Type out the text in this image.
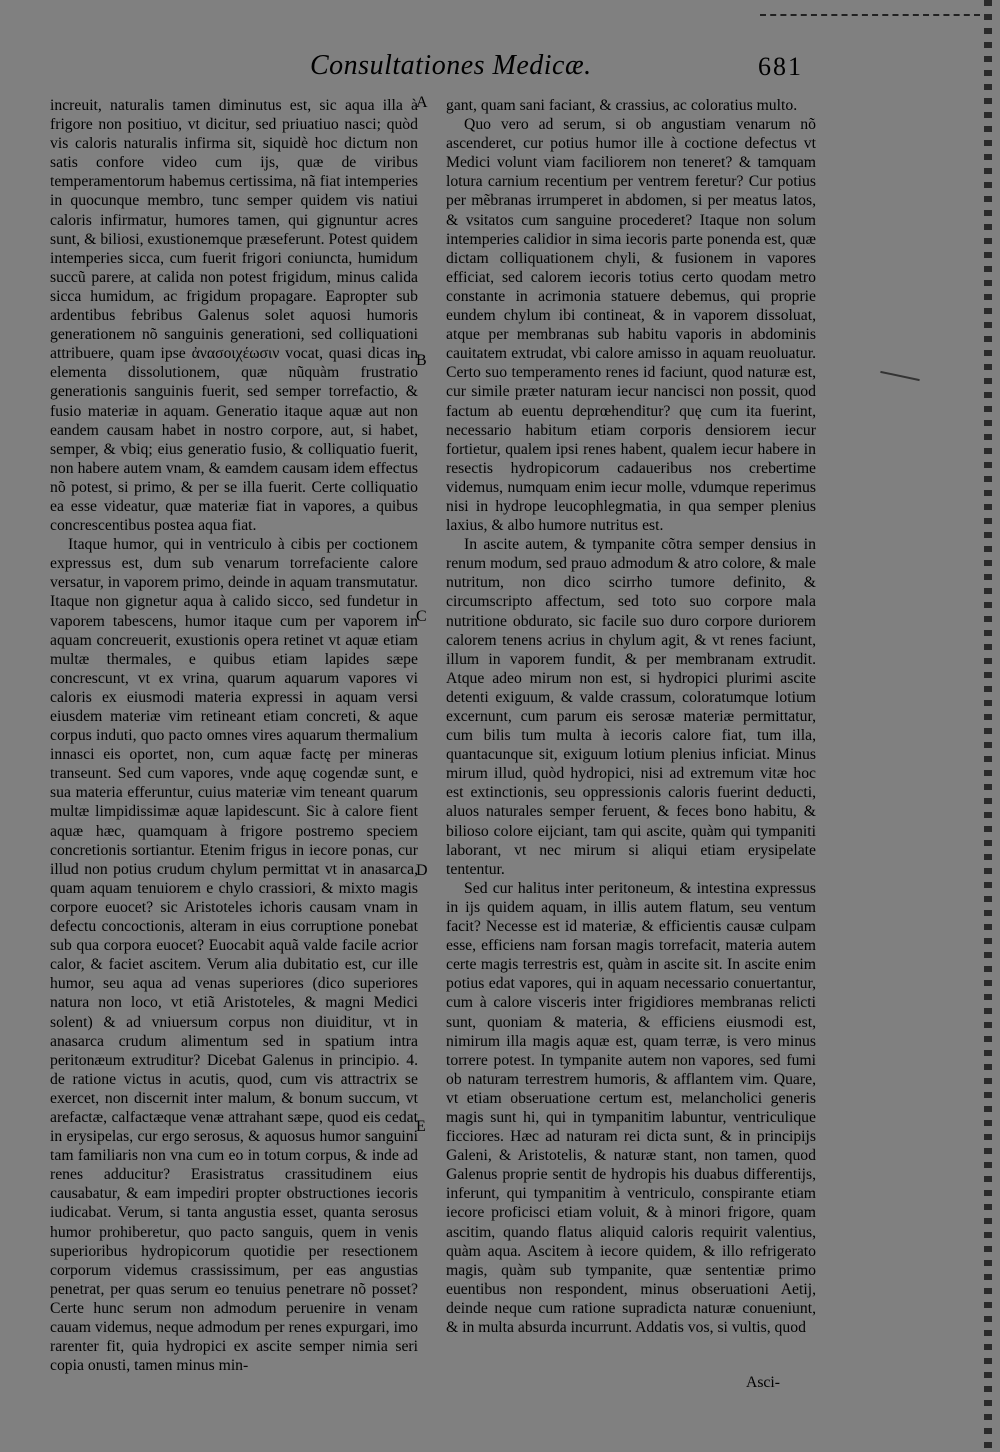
Consultationes Medicæ.	681
A
B
C
D
E

increuit, naturalis tamen diminutus est, sic aqua illa à frigore non positiuo, vt dicitur, sed priuatiuo nasci; quòd vis caloris naturalis infirma sit, siquidè hoc dictum non satis confore video cum ijs, quæ de viribus temperamentorum habemus certissima, nã fiat intemperies in quocunque membro, tunc semper quidem vis natiui caloris infirmatur, humores tamen, qui gignuntur acres sunt, & biliosi, exustionemque præseferunt. Potest quidem intemperies sicca, cum fuerit frigori coniuncta, humidum succũ parere, at calida non potest frigidum, minus calida sicca humidum, ac frigidum propagare. Eapropter sub ardentibus febribus Galenus solet aquosi humoris generationem nõ sanguinis generationi, sed colliquationi attribuere, quam ipse ἀνασοιχέωσιν vocat, quasi dicas in elementa dissolutionem, quæ nũquàm frustratio generationis sanguinis fuerit, sed semper torrefactio, & fusio materiæ in aquam. Generatio itaque aquæ aut non eandem causam habet in nostro corpore, aut, si habet, semper, & vbiq; eius generatio fusio, & colliquatio fuerit, non habere autem vnam, & eamdem causam idem effectus nõ potest, si primo, & per se illa fuerit. Certe colliquatio ea esse videatur, quæ materiæ fiat in vapores, a quibus concrescentibus postea aqua fiat.

Itaque humor, qui in ventriculo à cibis per coctionem expressus est, dum sub venarum torrefaciente calore versatur, in vaporem primo, deinde in aquam transmutatur. Itaque non gignetur aqua à calido sicco, sed fundetur in vaporem tabescens, humor itaque cum per vaporem in aquam concreuerit, exustionis opera retinet vt aquæ etiam multæ thermales, e quibus etiam lapides sæpe concrescunt, vt ex vrina, quarum aquarum vapores vi caloris ex eiusmodi materia expressi in aquam versi eiusdem materiæ vim retineant etiam concreti, & aque corpus induti, quo pacto omnes vires aquarum thermalium innasci eis oportet, non, cum aquæ factę per mineras transeunt. Sed cum vapores, vnde aquę cogendæ sunt, e sua materia efferuntur, cuius materiæ vim teneant quarum multæ limpidissimæ aquæ lapidescunt. Sic à calore fient aquæ hæc, quamquam à frigore postremo speciem concretionis sortiantur. Etenim frigus in iecore ponas, cur illud non potius crudum chylum permittat vt in anasarca, quam aquam tenuiorem e chylo crassiori, & mixto magis corpore euocet? sic Aristoteles ichoris causam vnam in defectu concoctionis, alteram in eius corruptione ponebat sub qua corpora euocet? Euocabit aquã valde facile acrior calor, & faciet ascitem. Verum alia dubitatio est, cur ille humor, seu aqua ad venas superiores (dico superiores natura non loco, vt etiã Aristoteles, & magni Medici solent) & ad vniuersum corpus non diuiditur, vt in anasarca crudum alimentum sed in spatium intra peritonæum extruditur? Dicebat Galenus in principio. 4. de ratione victus in acutis, quod, cum vis attractrix se exercet, non discernit inter malum, & bonum succum, vt arefactæ, calfactæque venæ attrahant sæpe, quod eis cedat in erysipelas, cur ergo serosus, & aquosus humor sanguini tam familiaris non vna cum eo in totum corpus, & inde ad renes adducitur? Erasistratus crassitudinem eius causabatur, & eam impediri propter obstructiones iecoris iudicabat. Verum, si tanta angustia esset, quanta serosus humor prohiberetur, quo pacto sanguis, quem in venis superioribus hydropicorum quotidie per resectionem corporum videmus crassissimum, per eas angustias penetrat, per quas serum eo tenuius penetrare nõ posset? Certe hunc serum non admodum peruenire in venam cauam videmus, neque admodum per renes expurgari, imo rarenter fit, quia hydropici ex ascite semper nimia seri copia onusti, tamen minus min-

gant, quam sani faciant, & crassius, ac coloratius multo.

Quo vero ad serum, si ob angustiam venarum nõ ascenderet, cur potius humor ille à coctione defectus vt Medici volunt viam faciliorem non teneret? & tamquam lotura carnium recentium per ventrem feretur? Cur potius per mẽbranas irrumperet in abdomen, si per meatus latos, & vsitatos cum sanguine procederet? Itaque non solum intemperies calidior in sima iecoris parte ponenda est, quæ dictam colliquationem chyli, & fusionem in vapores efficiat, sed calorem iecoris totius certo quodam metro constante in acrimonia statuere debemus, qui proprie eundem chylum ibi contineat, & in vaporem dissoluat, atque per membranas sub habitu vaporis in abdominis cauitatem extrudat, vbi calore amisso in aquam reuoluatur. Certo suo temperamento renes id faciunt, quod naturæ est, cur simile præter naturam iecur nancisci non possit, quod factum ab euentu deprœhenditur? quę cum ita fuerint, necessario habitum etiam corporis densiorem iecur fortietur, qualem ipsi renes habent, qualem iecur habere in resectis hydropicorum cadaueribus nos crebertime videmus, numquam enim iecur molle, vdumque reperimus nisi in hydrope leucophlegmatia, in qua semper plenius laxius, & albo humore nutritus est.

In ascite autem, & tympanite cõtra semper densius in renum modum, sed prauo admodum & atro colore, & male nutritum, non dico scirrho tumore definito, & circumscripto affectum, sed toto suo corpore mala nutritione obdurato, sic facile suo duro corpore duriorem calorem tenens acrius in chylum agit, & vt renes faciunt, illum in vaporem fundit, & per membranam extrudit. Atque adeo mirum non est, si hydropici plurimi ascite detenti exiguum, & valde crassum, coloratumque lotium excernunt, cum parum eis serosæ materiæ permittatur, cum bilis tum multa à iecoris calore fiat, tum illa, quantacunque sit, exiguum lotium plenius inficiat. Minus mirum illud, quòd hydropici, nisi ad extremum vitæ hoc est extinctionis, seu oppressionis caloris fuerint deducti, aluos naturales semper feruent, & feces bono habitu, & bilioso colore eijciant, tam qui ascite, quàm qui tympaniti laborant, vt nec mirum si aliqui etiam erysipelate tententur.

Sed cur halitus inter peritoneum, & intestina expressus in ijs quidem aquam, in illis autem flatum, seu ventum facit? Necesse est id materiæ, & efficientis causæ culpam esse, efficiens nam forsan magis torrefacit, materia autem certe magis terrestris est, quàm in ascite sit. In ascite enim potius edat vapores, qui in aquam necessario conuertantur, cum à calore visceris inter frigidiores membranas relicti sunt, quoniam & materia, & efficiens eiusmodi est, nimirum illa magis aquæ est, quam terræ, is vero minus torrere potest. In tympanite autem non vapores, sed fumi ob naturam terrestrem humoris, & afflantem vim. Quare, vt etiam obseruatione certum est, melancholici generis magis sunt hi, qui in tympanitim labuntur, ventriculique ficciores. Hæc ad naturam rei dicta sunt, & in principijs Galeni, & Aristotelis, & naturæ stant, non tamen, quod Galenus proprie sentit de hydropis his duabus differentijs, inferunt, qui tympanitim à ventriculo, conspirante etiam iecore proficisci etiam voluit, & à minori frigore, quam ascitim, quando flatus aliquid caloris requirit valentius, quàm aqua. Ascitem à iecore quidem, & illo refrigerato magis, quàm sub tympanite, quæ sententiæ primo euentibus non respondent, minus obseruationi Aetij, deinde neque cum ratione supradicta naturæ conueniunt, & in multa absurda incurrunt. Addatis vos, si vultis, quod

Asci-
